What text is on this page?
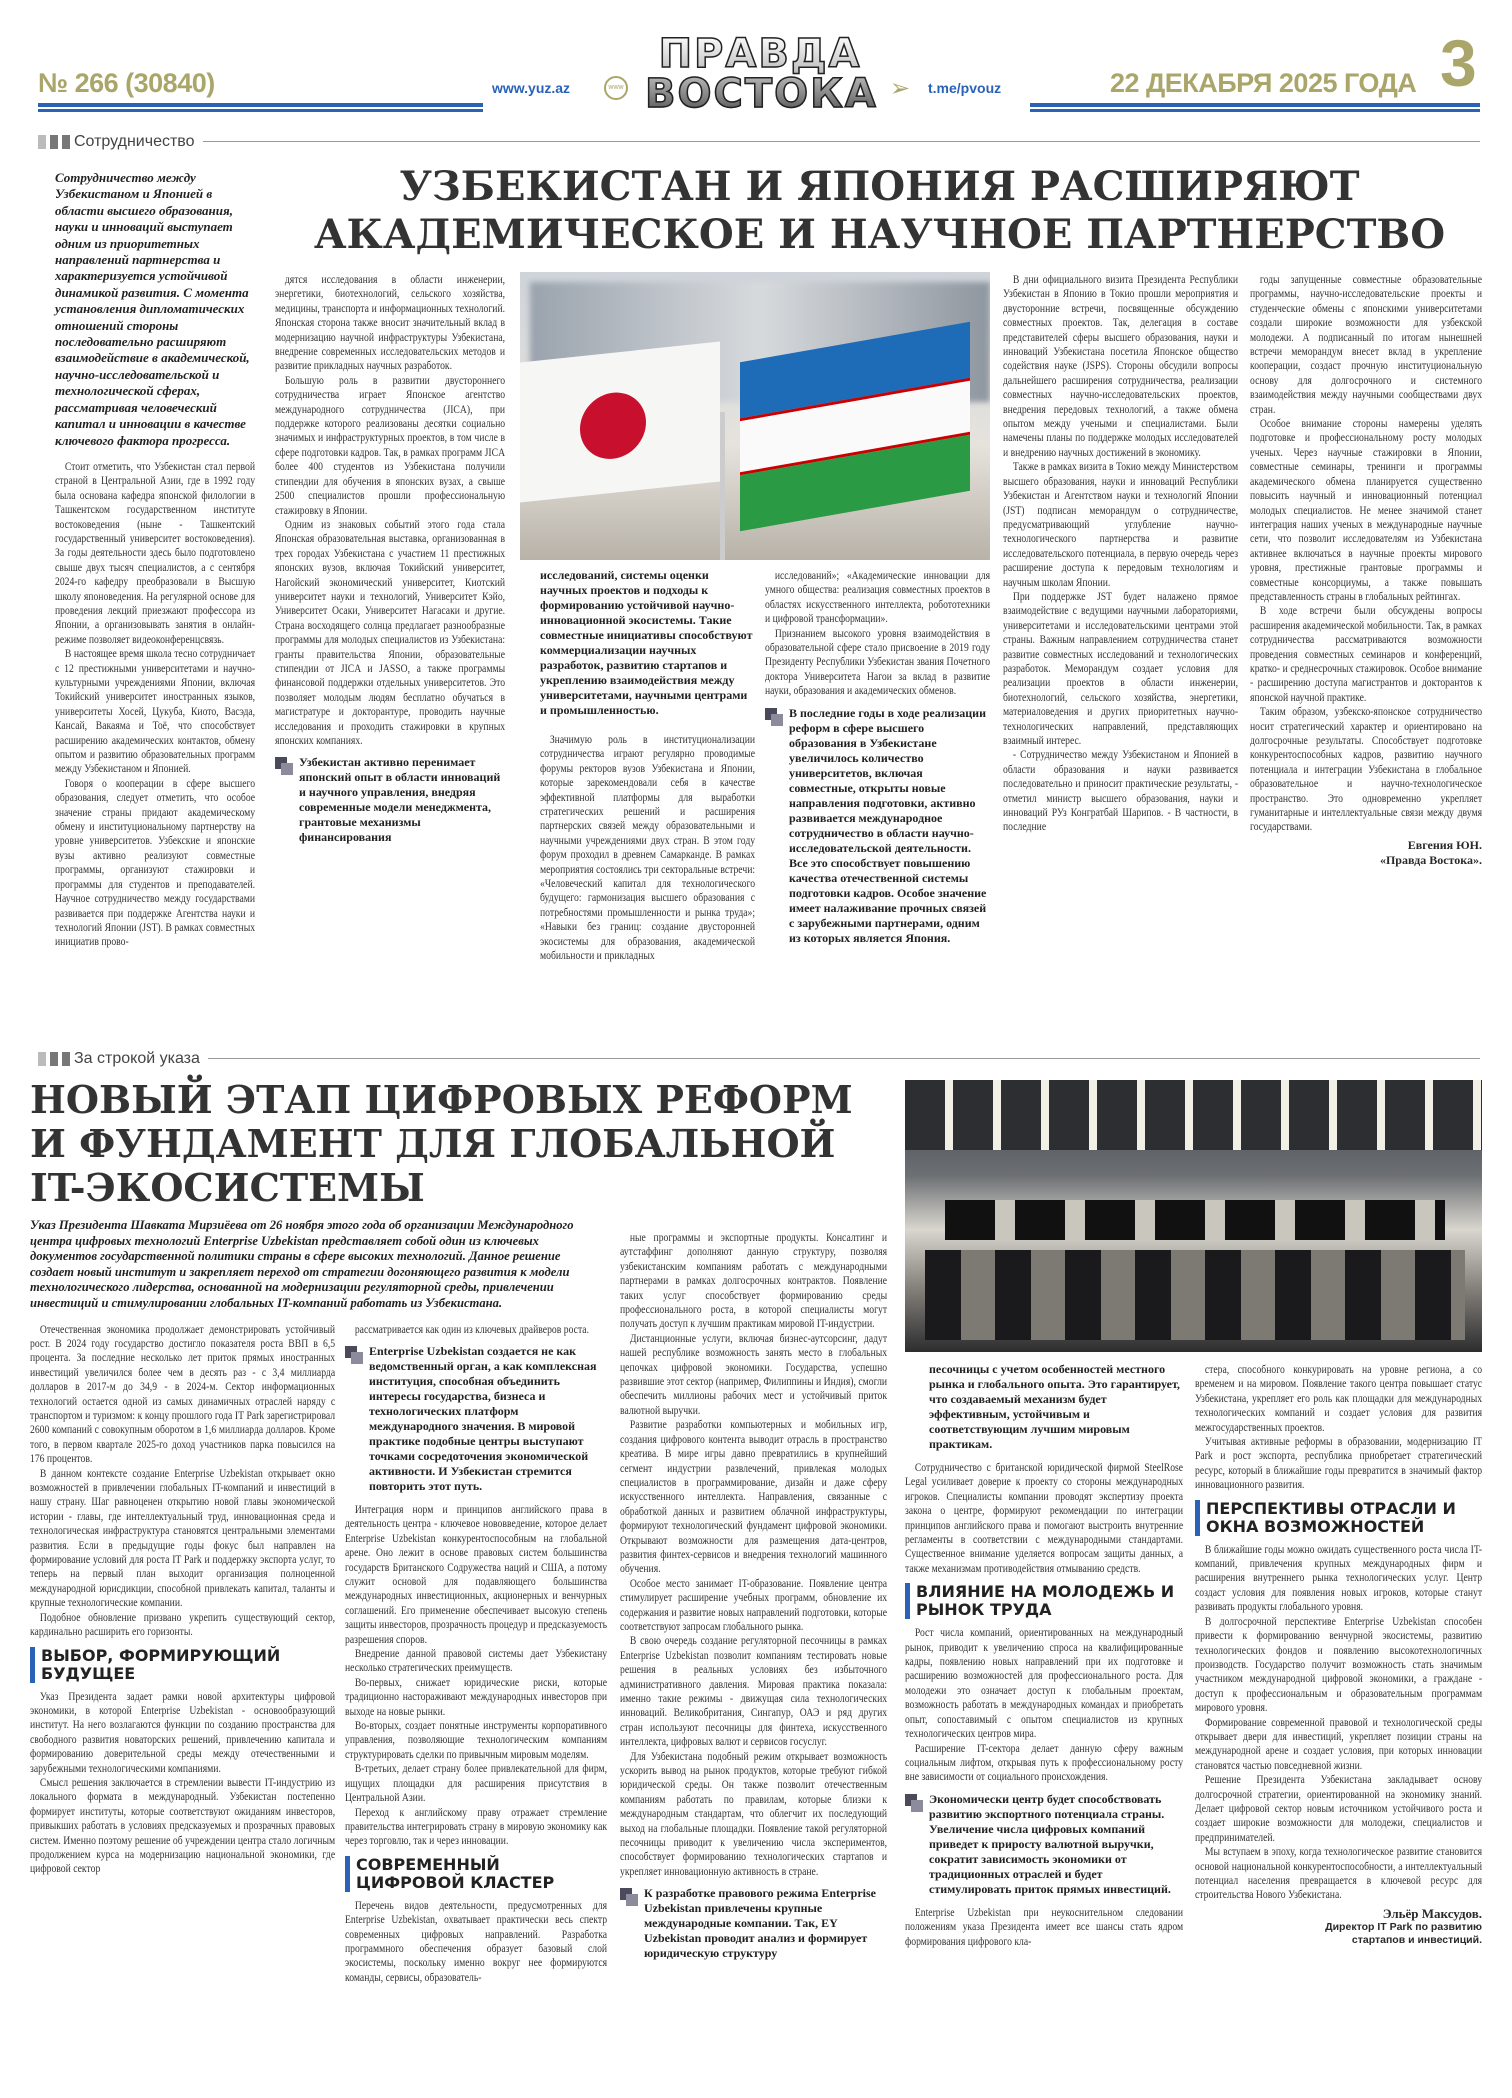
№ 266 (30840)	www.yuz.az	www
ПРАВДА
ВОСТОКА ➢ t.me/pvouz	22 ДЕКАБРЯ 2025 ГОДА 3
Сотрудничество
УЗБЕКИСТАН И ЯПОНИЯ РАСШИРЯЮТ АКАДЕМИЧЕСКОЕ И НАУЧНОЕ ПАРТНЕРСТВО
Сотрудничество между Узбекистаном и Японией в области высшего образования, науки и инноваций выступает одним из приоритетных направлений партнерства и характеризуется устойчивой динамикой развития. С момента установления дипломатических отношений стороны последовательно расширяют взаимодействие в академической, научно-исследовательской и технологической сферах, рассматривая человеческий капитал и инновации в качестве ключевого фактора прогресса.

Стоит отметить, что Узбекистан стал первой страной в Центральной Азии, где в 1992 году была основана кафедра японской филологии в Ташкентском государственном институте востоковедения (ныне - Ташкентский государственный университет востоковедения). За годы деятельности здесь было подготовлено свыше двух тысяч специалистов, а с сентября 2024-го кафедру преобразовали в Высшую школу японоведения. На регулярной основе для проведения лекций приезжают профессора из Японии, а организовывать занятия в онлайн-режиме позволяет видеоконференцсвязь.

В настоящее время школа тесно сотрудничает с 12 престижными университетами и научно-культурными учреждениями Японии, включая Токийский университет иностранных языков, университеты Хосей, Цукуба, Киото, Васэда, Кансай, Вакаяма и Тоё, что способствует расширению академических контактов, обмену опытом и развитию образовательных программ между Узбекистаном и Японией.

Говоря о кооперации в сфере высшего образования, следует отметить, что особое значение страны придают академическому обмену и институциональному партнерству на уровне университетов. Узбекские и японские вузы активно реализуют совместные программы, организуют стажировки и программы для студентов и преподавателей. Научное сотрудничество между государствами развивается при поддержке Агентства науки и технологий Японии (JST). В рамках совместных инициатив прово-

дятся исследования в области инженерии, энергетики, биотехнологий, сельского хозяйства, медицины, транспорта и информационных технологий. Японская сторона также вносит значительный вклад в модернизацию научной инфраструктуры Узбекистана, внедрение современных исследовательских методов и развитие прикладных научных разработок.

Большую роль в развитии двустороннего сотрудничества играет Японское агентство международного сотрудничества (JICA), при поддержке которого реализованы десятки социально значимых и инфраструктурных проектов, в том числе в сфере подготовки кадров. Так, в рамках программ JICA более 400 студентов из Узбекистана получили стипендии для обучения в японских вузах, а свыше 2500 специалистов прошли профессиональную стажировку в Японии.

Одним из знаковых событий этого года стала Японская образовательная выставка, организованная в трех городах Узбекистана с участием 11 престижных японских вузов, включая Токийский университет, Нагойский экономический университет, Киотский университет науки и технологий, Университет Кэйо, Университет Осаки, Университет Нагасаки и другие. Страна восходящего солнца предлагает разнообразные программы для молодых специалистов из Узбекистана: гранты правительства Японии, образовательные стипендии от JICA и JASSO, а также программы финансовой поддержки отдельных университетов. Это позволяет молодым людям бесплатно обучаться в магистратуре и докторантуре, проводить научные исследования и проходить стажировки в крупных японских компаниях.

Узбекистан активно перенимает японский опыт в области инноваций и научного управления, внедряя современные модели менеджмента, грантовые механизмы финансирования
исследований, системы оценки научных проектов и подходы к формированию устойчивой научно-инновационной экосистемы. Такие совместные инициативы способствуют коммерциализации научных разработок, развитию стартапов и укреплению взаимодействия между университетами, научными центрами и промышленностью.

Значимую роль в институционализации сотрудничества играют регулярно проводимые форумы ректоров вузов Узбекистана и Японии, которые зарекомендовали себя в качестве эффективной платформы для выработки стратегических решений и расширения партнерских связей между образовательными и научными учреждениями двух стран. В этом году форум проходил в древнем Самарканде. В рамках мероприятия состоялись три секторальные встречи: «Человеческий капитал для технологического будущего: гармонизация высшего образования с потребностями промышленности и рынка труда»; «Навыки без границ: создание двусторонней экосистемы для образования, академической мобильности и прикладных

исследований»; «Академические инновации для умного общества: реализация совместных проектов в областях искусственного интеллекта, робототехники и цифровой трансформации».

Признанием высокого уровня взаимодействия в образовательной сфере стало присвоение в 2019 году Президенту Республики Узбекистан звания Почетного доктора Университета Нагои за вклад в развитие науки, образования и академических обменов.

В последние годы в ходе реализации реформ в сфере высшего образования в Узбекистане увеличилось количество университетов, включая совместные, открыты новые направления подготовки, активно развивается международное сотрудничество в области научно-исследовательской деятельности. Все это способствует повышению качества отечественной системы подготовки кадров. Особое значение имеет налаживание прочных связей с зарубежными партнерами, одним из которых является Япония.

В дни официального визита Президента Республики Узбекистан в Японию в Токио прошли мероприятия и двусторонние встречи, посвященные обсуждению совместных проектов. Так, делегация в составе представителей сферы высшего образования, науки и инноваций Узбекистана посетила Японское общество содействия науке (JSPS). Стороны обсудили вопросы дальнейшего расширения сотрудничества, реализации совместных научно-исследовательских проектов, внедрения передовых технологий, а также обмена опытом между учеными и специалистами. Были намечены планы по поддержке молодых исследователей и внедрению научных достижений в экономику.

Также в рамках визита в Токио между Министерством высшего образования, науки и инноваций Республики Узбекистан и Агентством науки и технологий Японии (JST) подписан меморандум о сотрудничестве, предусматривающий углубление научно-технологического партнерства и развитие исследовательского потенциала, в первую очередь через расширение доступа к передовым технологиям и научным школам Японии.

При поддержке JST будет налажено прямое взаимодействие с ведущими научными лабораториями, университетами и исследовательскими центрами этой страны. Важным направлением сотрудничества станет развитие совместных исследований и технологических разработок. Меморандум создает условия для реализации проектов в области инженерии, биотехнологий, сельского хозяйства, энергетики, материаловедения и других приоритетных научно-технологических направлений, представляющих взаимный интерес.

- Сотрудничество между Узбекистаном и Японией в области образования и науки развивается последовательно и приносит практические результаты, - отметил министр высшего образования, науки и инноваций РУз Конгратбай Шарипов. - В частности, в последние

годы запущенные совместные образовательные программы, научно-исследовательские проекты и студенческие обмены с японскими университетами создали широкие возможности для узбекской молодежи. А подписанный по итогам нынешней встречи меморандум внесет вклад в укрепление кооперации, создаст прочную институциональную основу для долгосрочного и системного взаимодействия между научными сообществами двух стран.

Особое внимание стороны намерены уделять подготовке и профессиональному росту молодых ученых. Через научные стажировки в Японии, совместные семинары, тренинги и программы академического обмена планируется существенно повысить научный и инновационный потенциал молодых специалистов. Не менее значимой станет интеграция наших ученых в международные научные сети, что позволит исследователям из Узбекистана активнее включаться в научные проекты мирового уровня, престижные грантовые программы и совместные консорциумы, а также повышать представленность страны в глобальных рейтингах.

В ходе встречи были обсуждены вопросы расширения академической мобильности. Так, в рамках сотрудничества рассматриваются возможности проведения совместных семинаров и конференций, кратко- и среднесрочных стажировок. Особое внимание - расширению доступа магистрантов и докторантов к японской научной практике.

Таким образом, узбекско-японское сотрудничество носит стратегический характер и ориентировано на долгосрочные результаты. Способствует подготовке конкурентоспособных кадров, развитию научного потенциала и интеграции Узбекистана в глобальное образовательное и научно-технологическое пространство. Это одновременно укрепляет гуманитарные и интеллектуальные связи между двумя государствами.

Евгения ЮН.
«Правда Востока».
За строкой указа
НОВЫЙ ЭТАП ЦИФРОВЫХ РЕФОРМ И ФУНДАМЕНТ ДЛЯ ГЛОБАЛЬНОЙ IT-ЭКОСИСТЕМЫ
Указ Президента Шавката Мирзиёева от 26 ноября этого года об организации Международного центра цифровых технологий Enterprise Uzbekistan представляет собой один из ключевых документов государственной политики страны в сфере высоких технологий. Данное решение создает новый институт и закрепляет переход от стратегии догоняющего развития к модели технологического лидерства, основанной на модернизации регуляторной среды, привлечении инвестиций и стимулировании глобальных IT-компаний работать из Узбекистана.

Отечественная экономика продолжает демонстрировать устойчивый рост. В 2024 году государство достигло показателя роста ВВП в 6,5 процента. За последние несколько лет приток прямых иностранных инвестиций увеличился более чем в десять раз - с 3,4 миллиарда долларов в 2017-м до 34,9 - в 2024-м. Сектор информационных технологий остается одной из самых динамичных отраслей наряду с транспортом и туризмом: к концу прошлого года IT Park зарегистрировал 2600 компаний с совокупным оборотом в 1,6 миллиарда долларов. Кроме того, в первом квартале 2025-го доход участников парка повысился на 176 процентов.

В данном контексте создание Enterprise Uzbekistan открывает окно возможностей в привлечении глобальных IT-компаний и инвестиций в нашу страну. Шаг равноценен открытию новой главы экономической истории - главы, где интеллектуальный труд, инновационная среда и технологическая инфраструктура становятся центральными элементами развития. Если в предыдущие годы фокус был направлен на формирование условий для роста IT Park и поддержку экспорта услуг, то теперь на первый план выходит организация полноценной международной юрисдикции, способной привлекать капитал, таланты и крупные технологические компании.

Подобное обновление призвано укрепить существующий сектор, кардинально расширить его горизонты.

ВЫБОР, ФОРМИРУЮЩИЙ БУДУЩЕЕ

Указ Президента задает рамки новой архитектуры цифровой экономики, в которой Enterprise Uzbekistan - основообразующий институт. На него возлагаются функции по созданию пространства для свободного развития новаторских решений, привлечению капитала и формированию доверительной среды между отечественными и зарубежными технологическими компаниями.

Смысл решения заключается в стремлении вывести IT-индустрию из локального формата в международный. Узбекистан постепенно формирует институты, которые соответствуют ожиданиям инвесторов, привыкших работать в условиях предсказуемых и прозрачных правовых систем. Именно поэтому решение об учреждении центра стало логичным продолжением курса на модернизацию национальной экономики, где цифровой сектор

рассматривается как один из ключевых драйверов роста.

Enterprise Uzbekistan создается не как ведомственный орган, а как комплексная институция, способная объединить интересы государства, бизнеса и технологических платформ международного значения. В мировой практике подобные центры выступают точками сосредоточения экономической активности. И Узбекистан стремится повторить этот путь.

Интеграция норм и принципов английского права в деятельность центра - ключевое нововведение, которое делает Enterprise Uzbekistan конкурентоспособным на глобальной арене. Оно лежит в основе правовых систем большинства государств Британского Содружества наций и США, а потому служит основой для подавляющего большинства международных инвестиционных, акционерных и венчурных соглашений. Его применение обеспечивает высокую степень защиты инвесторов, прозрачность процедур и предсказуемость разрешения споров.

Внедрение данной правовой системы дает Узбекистану несколько стратегических преимуществ.

Во-первых, снижает юридические риски, которые традиционно настораживают международных инвесторов при выходе на новые рынки.

Во-вторых, создает понятные инструменты корпоративного управления, позволяющие технологическим компаниям структурировать сделки по привычным мировым моделям.

В-третьих, делает страну более привлекательной для фирм, ищущих площадки для расширения присутствия в Центральной Азии.

Переход к английскому праву отражает стремление правительства интегрировать страну в мировую экономику как через торговлю, так и через инновации.

СОВРЕМЕННЫЙ ЦИФРОВОЙ КЛАСТЕР

Перечень видов деятельности, предусмотренных для Enterprise Uzbekistan, охватывает практически весь спектр современных цифровых направлений. Разработка программного обеспечения образует базовый слой экосистемы, поскольку именно вокруг нее формируются команды, сервисы, образователь-

ные программы и экспортные продукты. Консалтинг и аутстаффинг дополняют данную структуру, позволяя узбекистанским компаниям работать с международными партнерами в рамках долгосрочных контрактов. Появление таких услуг способствует формированию среды профессионального роста, в которой специалисты могут получать доступ к лучшим практикам мировой IT-индустрии.

Дистанционные услуги, включая бизнес-аутсорсинг, дадут нашей республике возможность занять место в глобальных цепочках цифровой экономики. Государства, успешно развившие этот сектор (например, Филиппины и Индия), смогли обеспечить миллионы рабочих мест и устойчивый приток валютной выручки.

Развитие разработки компьютерных и мобильных игр, создания цифрового контента выводит отрасль в пространство креатива. В мире игры давно превратились в крупнейший сегмент индустрии развлечений, привлекая молодых специалистов в программирование, дизайн и даже сферу искусственного интеллекта. Направления, связанные с обработкой данных и развитием облачной инфраструктуры, формируют технологический фундамент цифровой экономики. Открывают возможности для размещения дата-центров, развития финтех-сервисов и внедрения технологий машинного обучения.

Особое место занимает IT-образование. Появление центра стимулирует расширение учебных программ, обновление их содержания и развитие новых направлений подготовки, которые соответствуют запросам глобального рынка.

В свою очередь создание регуляторной песочницы в рамках Enterprise Uzbekistan позволит компаниям тестировать новые решения в реальных условиях без избыточного административного давления. Мировая практика показала: именно такие режимы - движущая сила технологических инноваций. Великобритания, Сингапур, ОАЭ и ряд других стран используют песочницы для финтеха, искусственного интеллекта, цифровых валют и сервисов госуслуг.

Для Узбекистана подобный режим открывает возможность ускорить вывод на рынок продуктов, которые требуют гибкой юридической среды. Он также позволит отечественным компаниям работать по правилам, которые близки к международным стандартам, что облегчит их последующий выход на глобальные площадки. Появление такой регуляторной песочницы приводит к увеличению числа экспериментов, способствует формированию технологических стартапов и укрепляет инновационную активность в стране.

К разработке правового режима Enterprise Uzbekistan привлечены крупные международные компании. Так, EY Uzbekistan проводит анализ и формирует юридическую структуру
песочницы с учетом особенностей местного рынка и глобального опыта. Это гарантирует, что создаваемый механизм будет эффективным, устойчивым и соответствующим лучшим мировым практикам.

Сотрудничество с британской юридической фирмой SteelRose Legal усиливает доверие к проекту со стороны международных игроков. Специалисты компании проводят экспертизу проекта закона о центре, формируют рекомендации по интеграции принципов английского права и помогают выстроить внутренние регламенты в соответствии с международными стандартами. Существенное внимание уделяется вопросам защиты данных, а также механизмам противодействия отмыванию средств.

ВЛИЯНИЕ НА МОЛОДЕЖЬ И РЫНОК ТРУДА

Рост числа компаний, ориентированных на международный рынок, приводит к увеличению спроса на квалифицированные кадры, появлению новых направлений при их подготовке и расширению возможностей для профессионального роста. Для молодежи это означает доступ к глобальным проектам, возможность работать в международных командах и приобретать опыт, сопоставимый с опытом специалистов из крупных технологических центров мира.

Расширение IT-сектора делает данную сферу важным социальным лифтом, открывая путь к профессиональному росту вне зависимости от социального происхождения.

Экономически центр будет способствовать развитию экспортного потенциала страны. Увеличение числа цифровых компаний приведет к приросту валютной выручки, сократит зависимость экономики от традиционных отраслей и будет стимулировать приток прямых инвестиций.

Enterprise Uzbekistan при неукоснительном следовании положениям указа Президента имеет все шансы стать ядром формирования цифрового кла-

стера, способного конкурировать на уровне региона, а со временем и на мировом. Появление такого центра повышает статус Узбекистана, укрепляет его роль как площадки для международных технологических компаний и создает условия для развития межгосударственных проектов.

Учитывая активные реформы в образовании, модернизацию IT Park и рост экспорта, республика приобретает стратегический ресурс, который в ближайшие годы превратится в значимый фактор инновационного развития.

ПЕРСПЕКТИВЫ ОТРАСЛИ И ОКНА ВОЗМОЖНОСТЕЙ

В ближайшие годы можно ожидать существенного роста числа IT-компаний, привлечения крупных международных фирм и расширения внутреннего рынка технологических услуг. Центр создаст условия для появления новых игроков, которые станут развивать продукты глобального уровня.

В долгосрочной перспективе Enterprise Uzbekistan способен привести к формированию венчурной экосистемы, развитию технологических фондов и появлению высокотехнологичных производств. Государство получит возможность стать значимым участником международной цифровой экономики, а граждане - доступ к профессиональным и образовательным программам мирового уровня.

Формирование современной правовой и технологической среды открывает двери для инвестиций, укрепляет позиции страны на международной арене и создает условия, при которых инновации становятся частью повседневной жизни.

Решение Президента Узбекистана закладывает основу долгосрочной стратегии, ориентированной на экономику знаний. Делает цифровой сектор новым источником устойчивого роста и создает широкие возможности для молодежи, специалистов и предпринимателей.

Мы вступаем в эпоху, когда технологическое развитие становится основой национальной конкурентоспособности, а интеллектуальный потенциал населения превращается в ключевой ресурс для строительства Нового Узбекистана.

Эльёр Максудов.
Директор IT Park по развитию стартапов и инвестиций.
